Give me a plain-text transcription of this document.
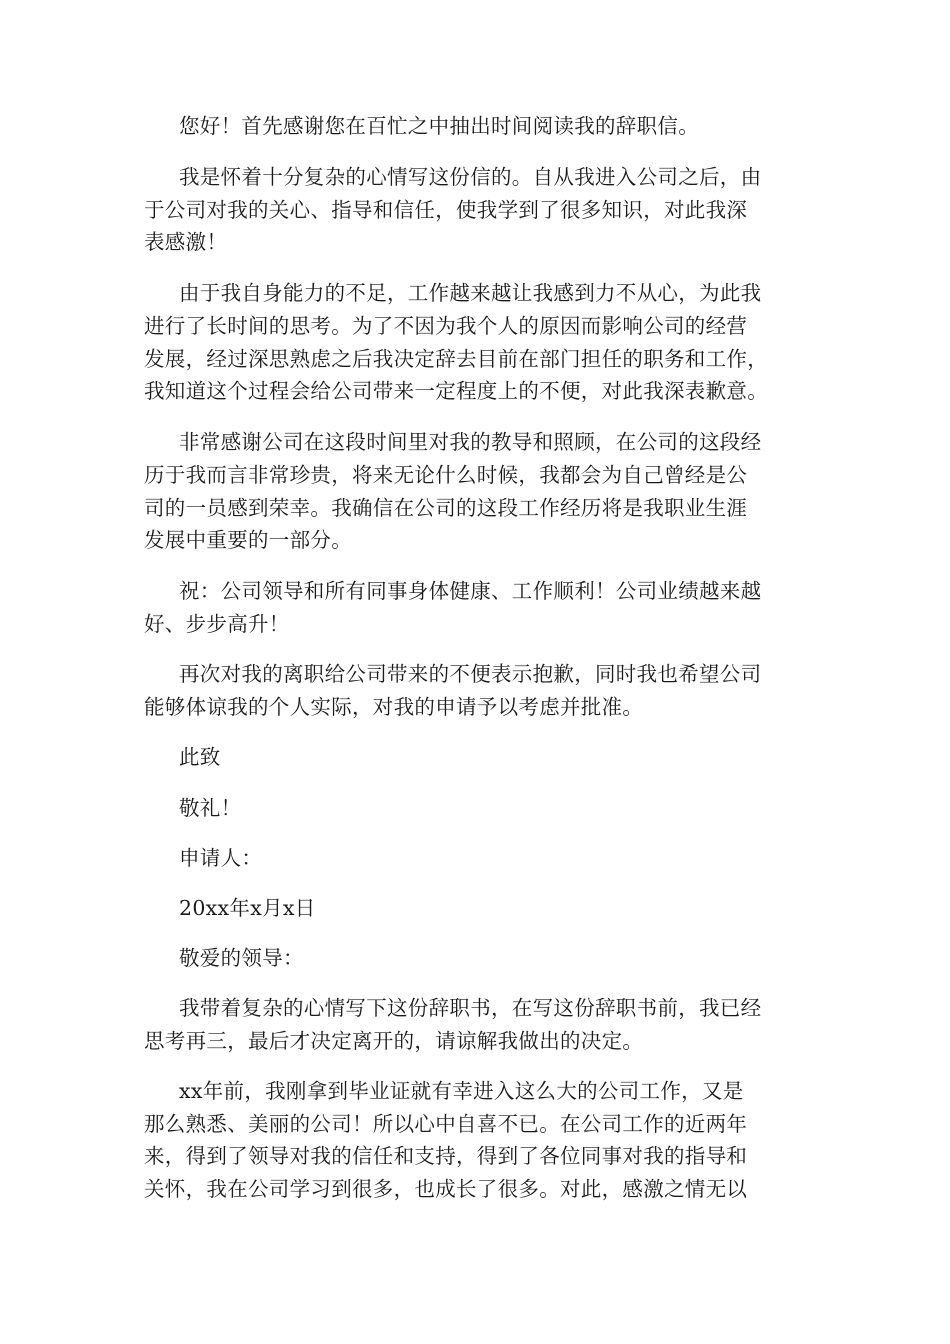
您好！首先感谢您在百忙之中抽出时间阅读我的辞职信。

我是怀着十分复杂的心情写这份信的。自从我进入公司之后，由

于公司对我的关心、指导和信任，使我学到了很多知识，对此我深

表感激！

由于我自身能力的不足，工作越来越让我感到力不从心，为此我

进行了长时间的思考。为了不因为我个人的原因而影响公司的经营

发展，经过深思熟虑之后我决定辞去目前在部门担任的职务和工作，

我知道这个过程会给公司带来一定程度上的不便，对此我深表歉意。

非常感谢公司在这段时间里对我的教导和照顾，在公司的这段经

历于我而言非常珍贵，将来无论什么时候，我都会为自己曾经是公

司的一员感到荣幸。我确信在公司的这段工作经历将是我职业生涯

发展中重要的一部分。

祝：公司领导和所有同事身体健康、工作顺利！公司业绩越来越

好、步步高升！

再次对我的离职给公司带来的不便表示抱歉，同时我也希望公司

能够体谅我的个人实际，对我的申请予以考虑并批准。

此致

敬礼！

申请人：

20xx年x月x日

敬爱的领导：

我带着复杂的心情写下这份辞职书，在写这份辞职书前，我已经

思考再三，最后才决定离开的，请谅解我做出的决定。

xx年前，我刚拿到毕业证就有幸进入这么大的公司工作，又是

那么熟悉、美丽的公司！所以心中自喜不已。在公司工作的近两年

来，得到了领导对我的信任和支持，得到了各位同事对我的指导和

关怀，我在公司学习到很多，也成长了很多。对此，感激之情无以
